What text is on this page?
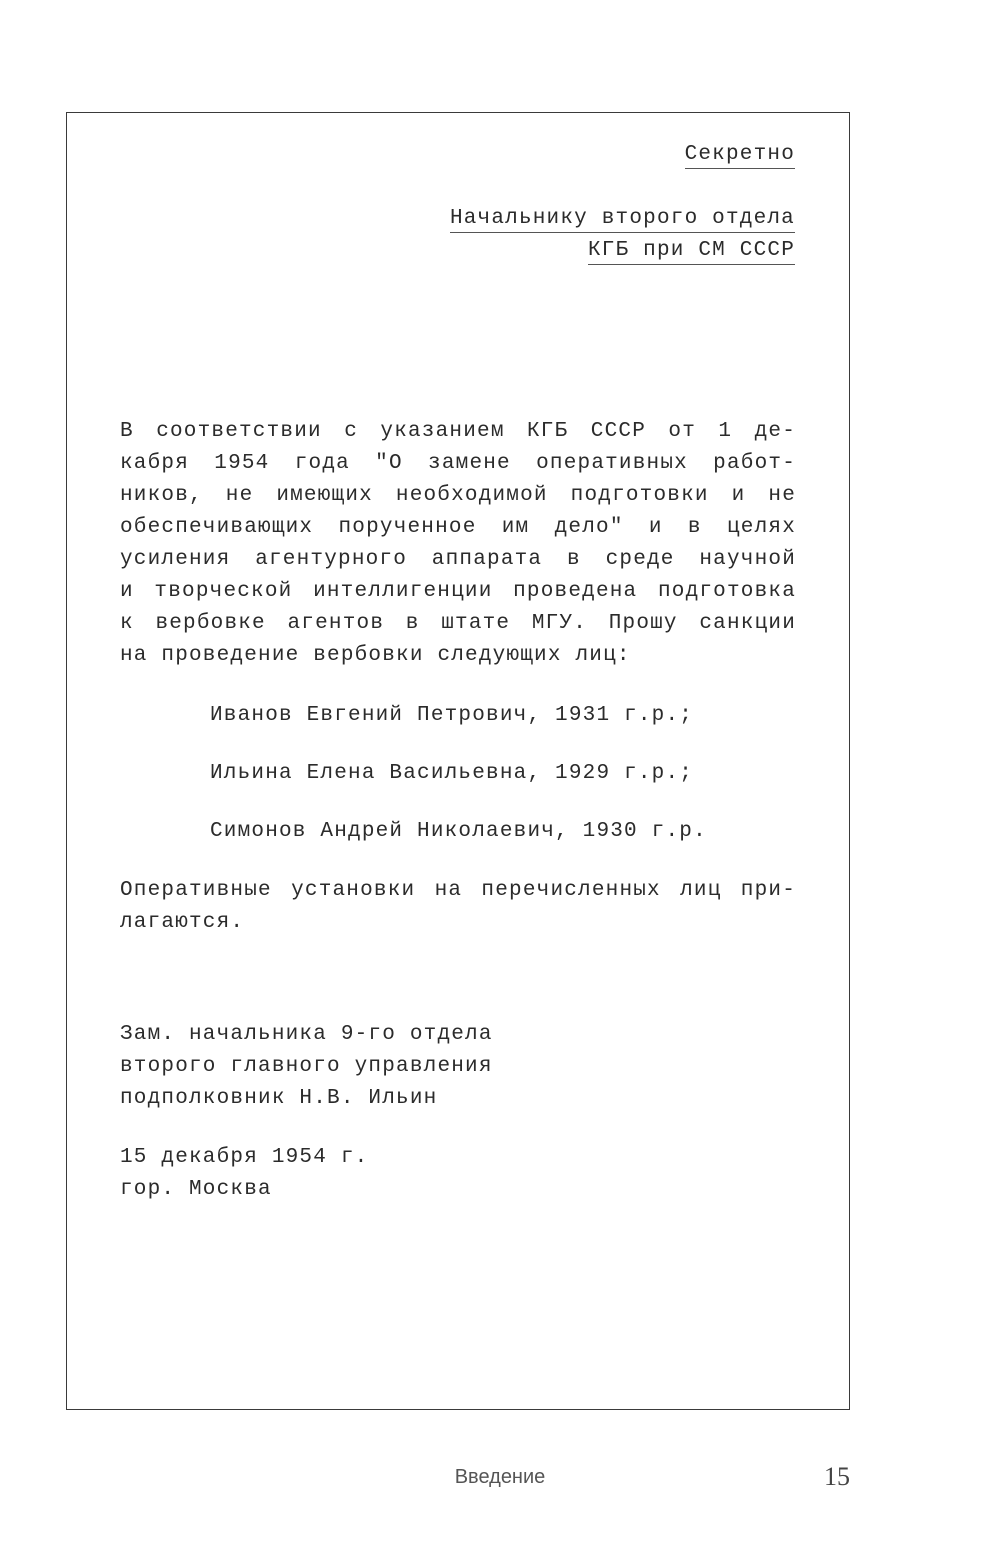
Секретно
Начальнику второго отдела
КГБ при СМ СССР
В соответствии с указанием КГБ СССР от 1 де-
кабря 1954 года "О замене оперативных работ-
ников, не имеющих необходимой подготовки и не
обеспечивающих порученное им дело" и в целях
усиления агентурного аппарата в среде научной
и творческой интеллигенции проведена подготовка
к вербовке агентов в штате МГУ. Прошу санкции
на проведение вербовки следующих лиц:
Иванов Евгений Петрович, 1931 г.р.;
Ильина Елена Васильевна, 1929 г.р.;
Симонов Андрей Николаевич, 1930 г.р.
Оперативные установки на перечисленных лиц при-
лагаются.
Зам. начальника 9-го отдела
второго главного управления
подполковник Н.В. Ильин
15 декабря 1954 г.
гор. Москва
Введение	15
